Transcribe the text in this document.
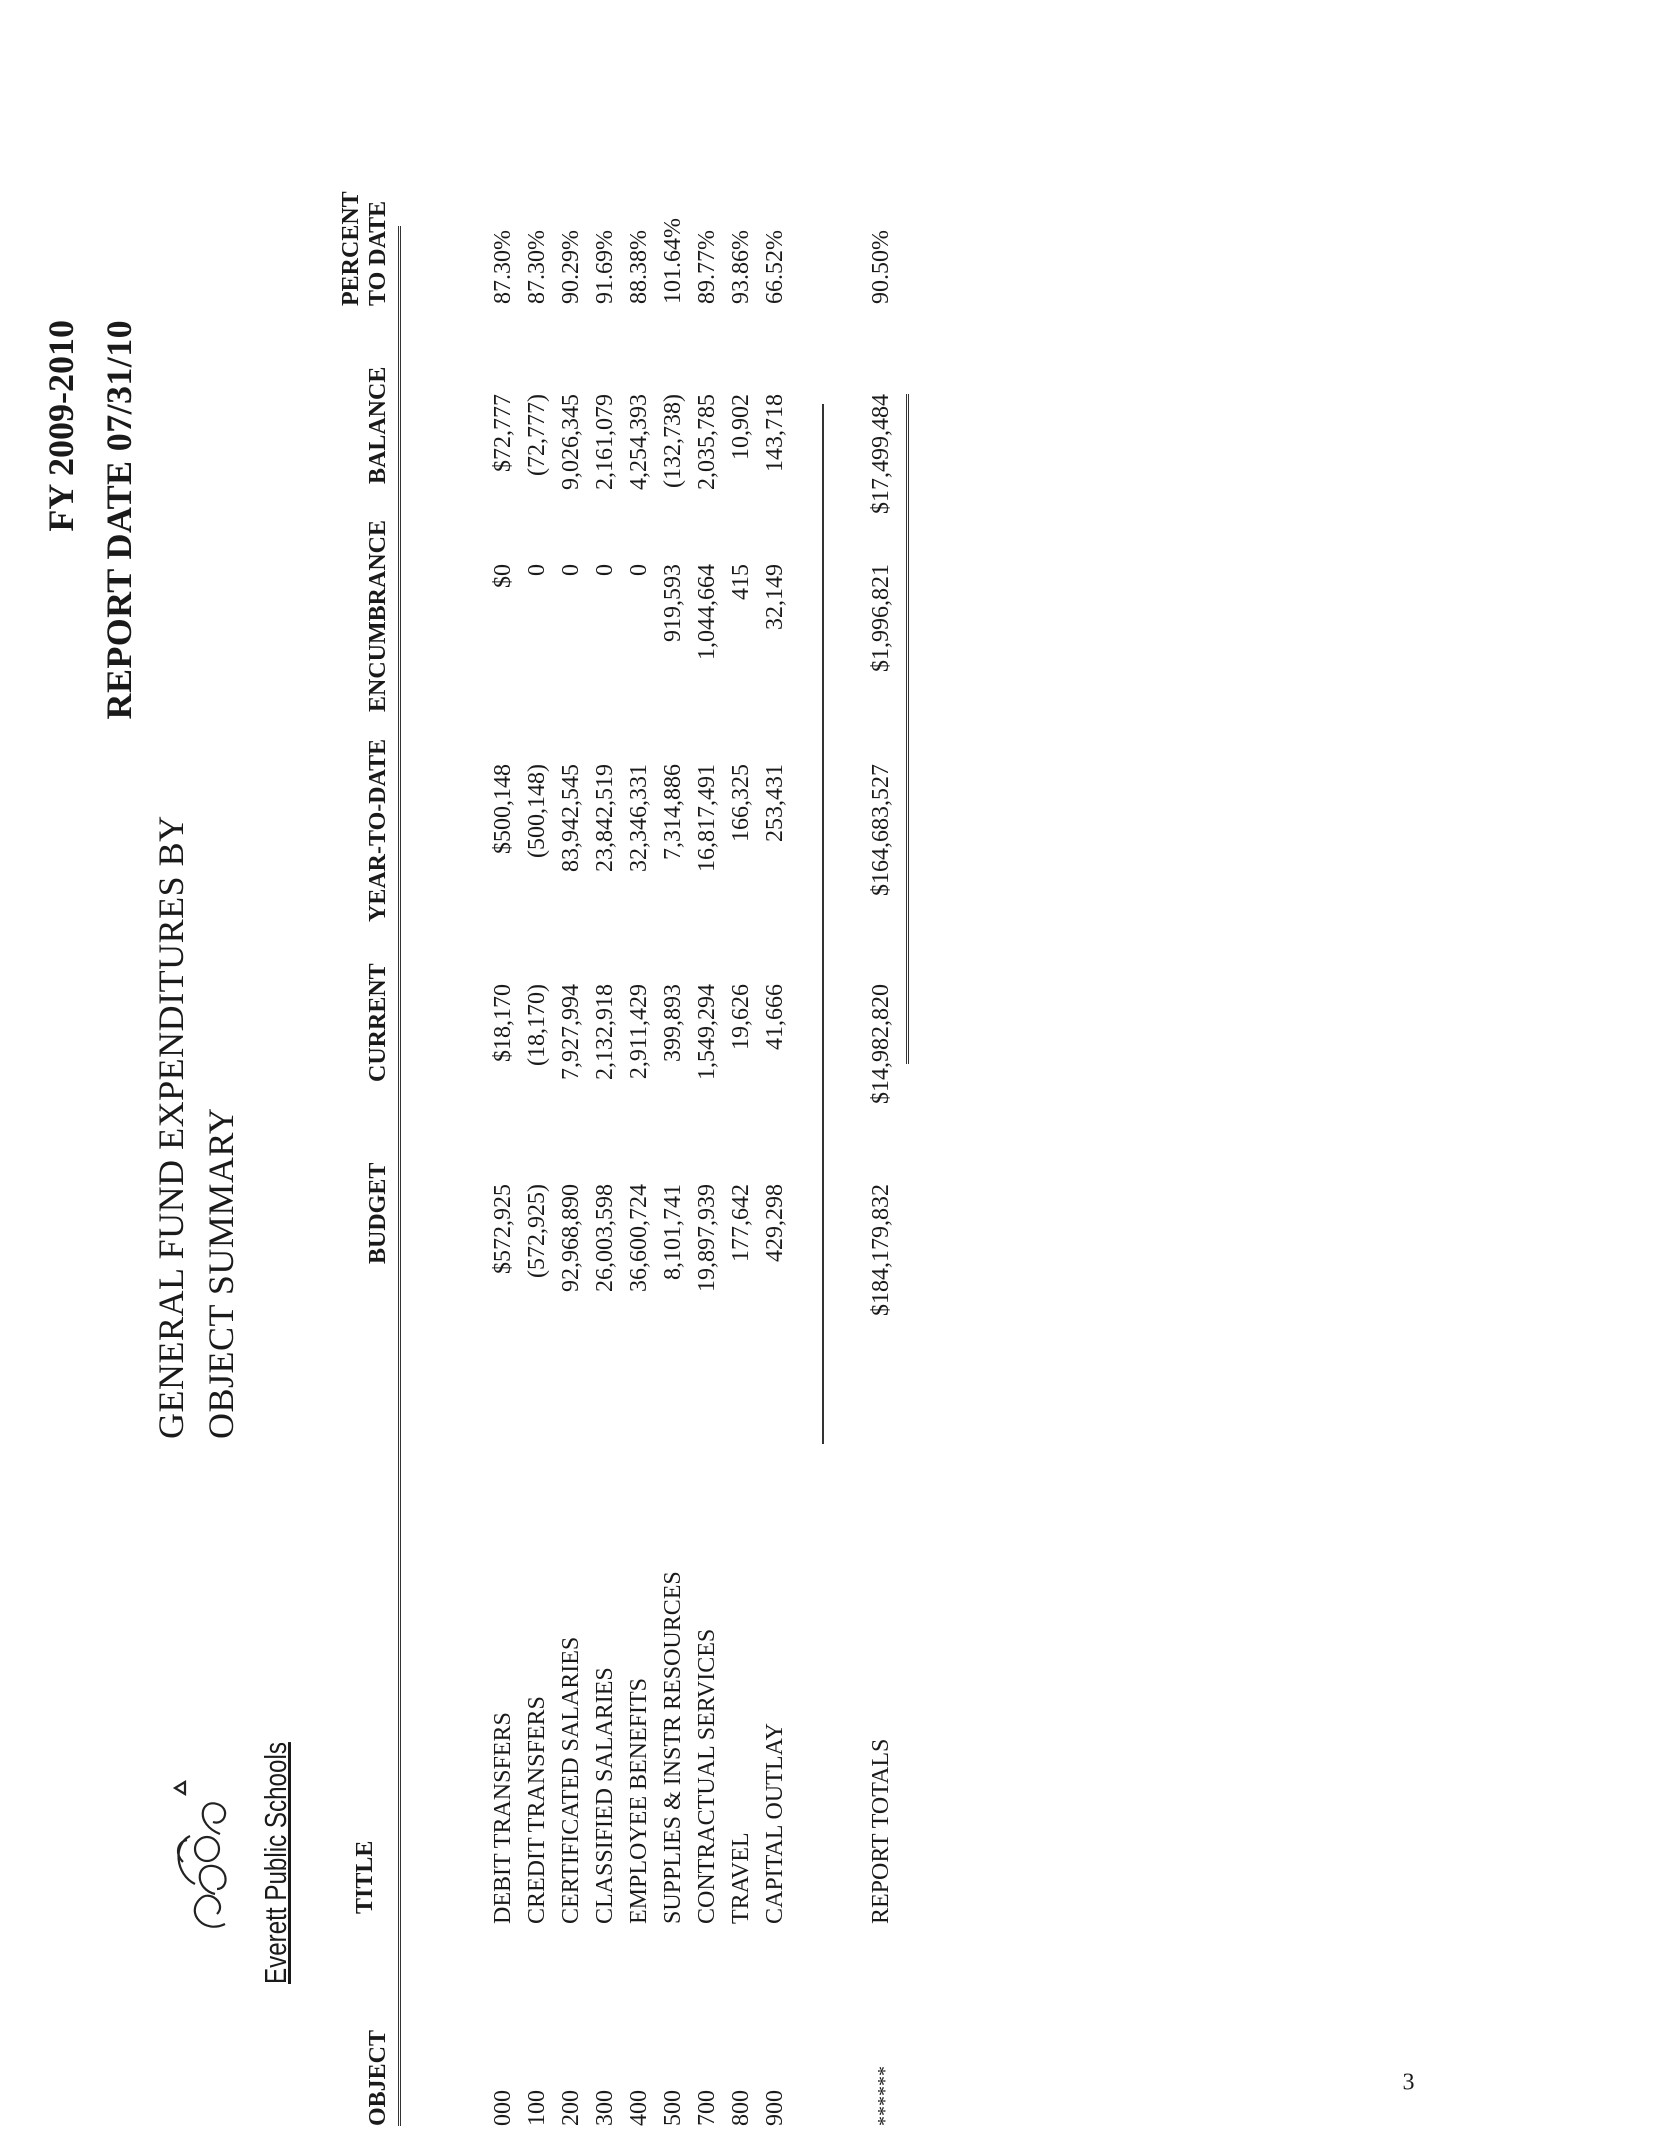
Everett Public Schools
GENERAL FUND EXPENDITURES BY OBJECT SUMMARY
FY 2009-2010 REPORT DATE 07/31/10
OBJECT
TITLE
BUDGET
CURRENT
YEAR-TO-DATE
ENCUMBRANCE
BALANCE
PERCENT TO DATE
000
DEBIT TRANSFERS
$572,925
$18,170
$500,148
$0
$72,777
87.30%
100
CREDIT TRANSFERS
(572,925)
(18,170)
(500,148)
0
(72,777)
87.30%
200
CERTIFICATED SALARIES
92,968,890
7,927,994
83,942,545
0
9,026,345
90.29%
300
CLASSIFIED SALARIES
26,003,598
2,132,918
23,842,519
0
2,161,079
91.69%
400
EMPLOYEE BENEFITS
36,600,724
2,911,429
32,346,331
0
4,254,393
88.38%
500
SUPPLIES & INSTR RESOURCES
8,101,741
399,893
7,314,886
919,593
(132,738)
101.64%
700
CONTRACTUAL SERVICES
19,897,939
1,549,294
16,817,491
1,044,664
2,035,785
89.77%
800
TRAVEL
177,642
19,626
166,325
415
10,902
93.86%
900
CAPITAL OUTLAY
429,298
41,666
253,431
32,149
143,718
66.52%
******
REPORT TOTALS
$184,179,832
$14,982,820
$164,683,527
$1,996,821
$17,499,484
90.50%
3
